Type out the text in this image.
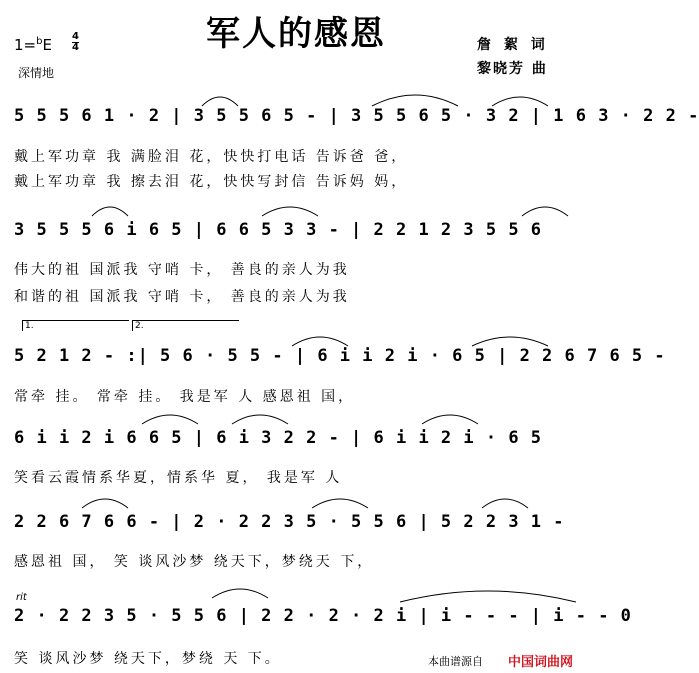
军人的感恩
1=$^b$E 4
4
深情地
詹 絮 词
黎晓芳 曲
5 5 5 6 1 · 2 | 3 5 5 6 5 - | 3 5 5 6 5 · 3 2 | 1 6 3 · 2 2 -
戴上军功章 我 满脸泪 花，快快打电话 告诉爸 爸，
戴上军功章 我 擦去泪 花，快快写封信 告诉妈 妈，
3 5 5 5 6 i 6 5 | 6 6 5 3 3 - | 2 2 1 2 3 5 5 6
伟大的祖 国派我 守哨 卡， 善良的亲人为我
和谐的祖 国派我 守哨 卡， 善良的亲人为我
1.	2.
5 2 1 2 - :| 5 6 · 5 5 - | 6 i i 2 i · 6 5 | 2 2 6 7 6 5 -
常牵 挂。 常牵 挂。 我是军 人 感恩祖 国，
6 i i 2 i 6 6 5 | 6 i 3 2 2 - | 6 i i 2 i · 6 5
笑看云霞情系华夏，情系华 夏， 我是军 人
2 2 6 7 6 6 - | 2 · 2 2 3 5 · 5 5 6 | 5 2 2 3 1 -
感恩祖 国， 笑 谈风沙梦 绕天下，梦绕天 下，
rit
2 · 2 2 3 5 · 5 5 6 | 2 2 · 2 · 2 i | i - - - | i - - 0
笑 谈风沙梦 绕天下，梦绕 天 下。	本曲谱源自 中国词曲网
